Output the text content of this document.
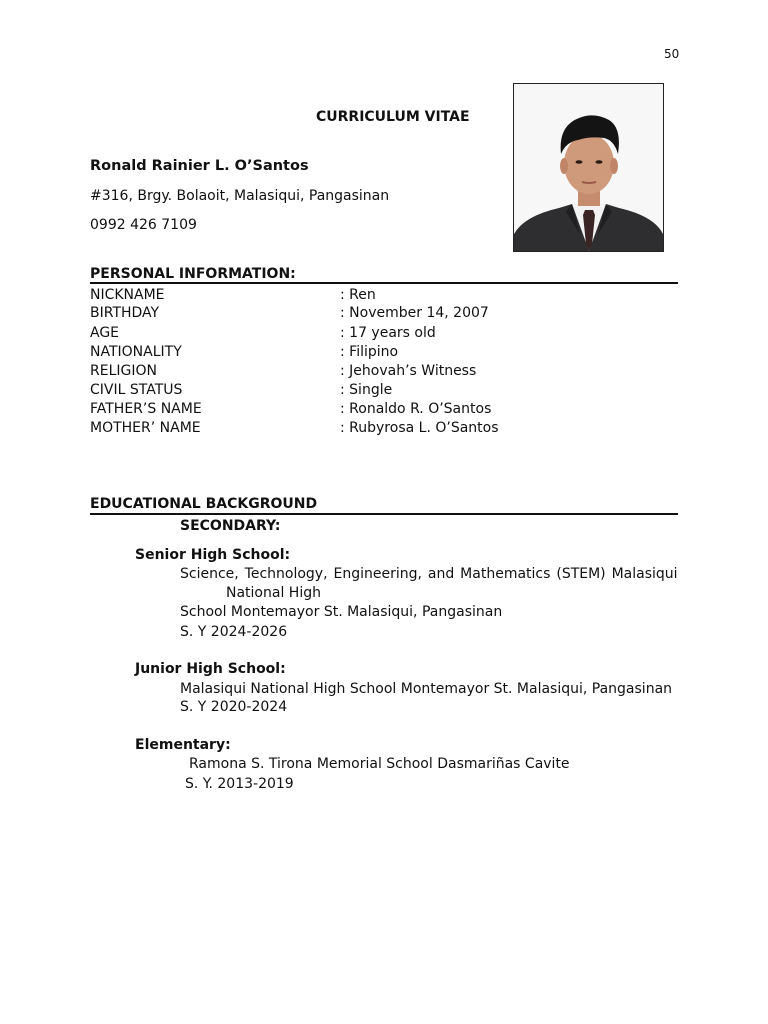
50
CURRICULUM VITAE
Ronald Rainier L. O’Santos
#316, Brgy. Bolaoit, Malasiqui, Pangasinan
0992 426 7109
PERSONAL INFORMATION:
NICKNAME	: Ren
BIRTHDAY	: November 14, 2007
AGE	: 17 years old
NATIONALITY	: Filipino
RELIGION	: Jehovah’s Witness
CIVIL STATUS	: Single
FATHER’S NAME	: Ronaldo R. O’Santos
MOTHER’ NAME	: Rubyrosa L. O’Santos
EDUCATIONAL BACKGROUND
SECONDARY:
Senior High School:
Science, Technology, Engineering, and Mathematics (STEM) Malasiqui
National High
School Montemayor St. Malasiqui, Pangasinan
S. Y 2024-2026
Junior High School:
Malasiqui National High School Montemayor St. Malasiqui, Pangasinan
S. Y 2020-2024
Elementary:
Ramona S. Tirona Memorial School Dasmariñas Cavite
S. Y. 2013-2019
